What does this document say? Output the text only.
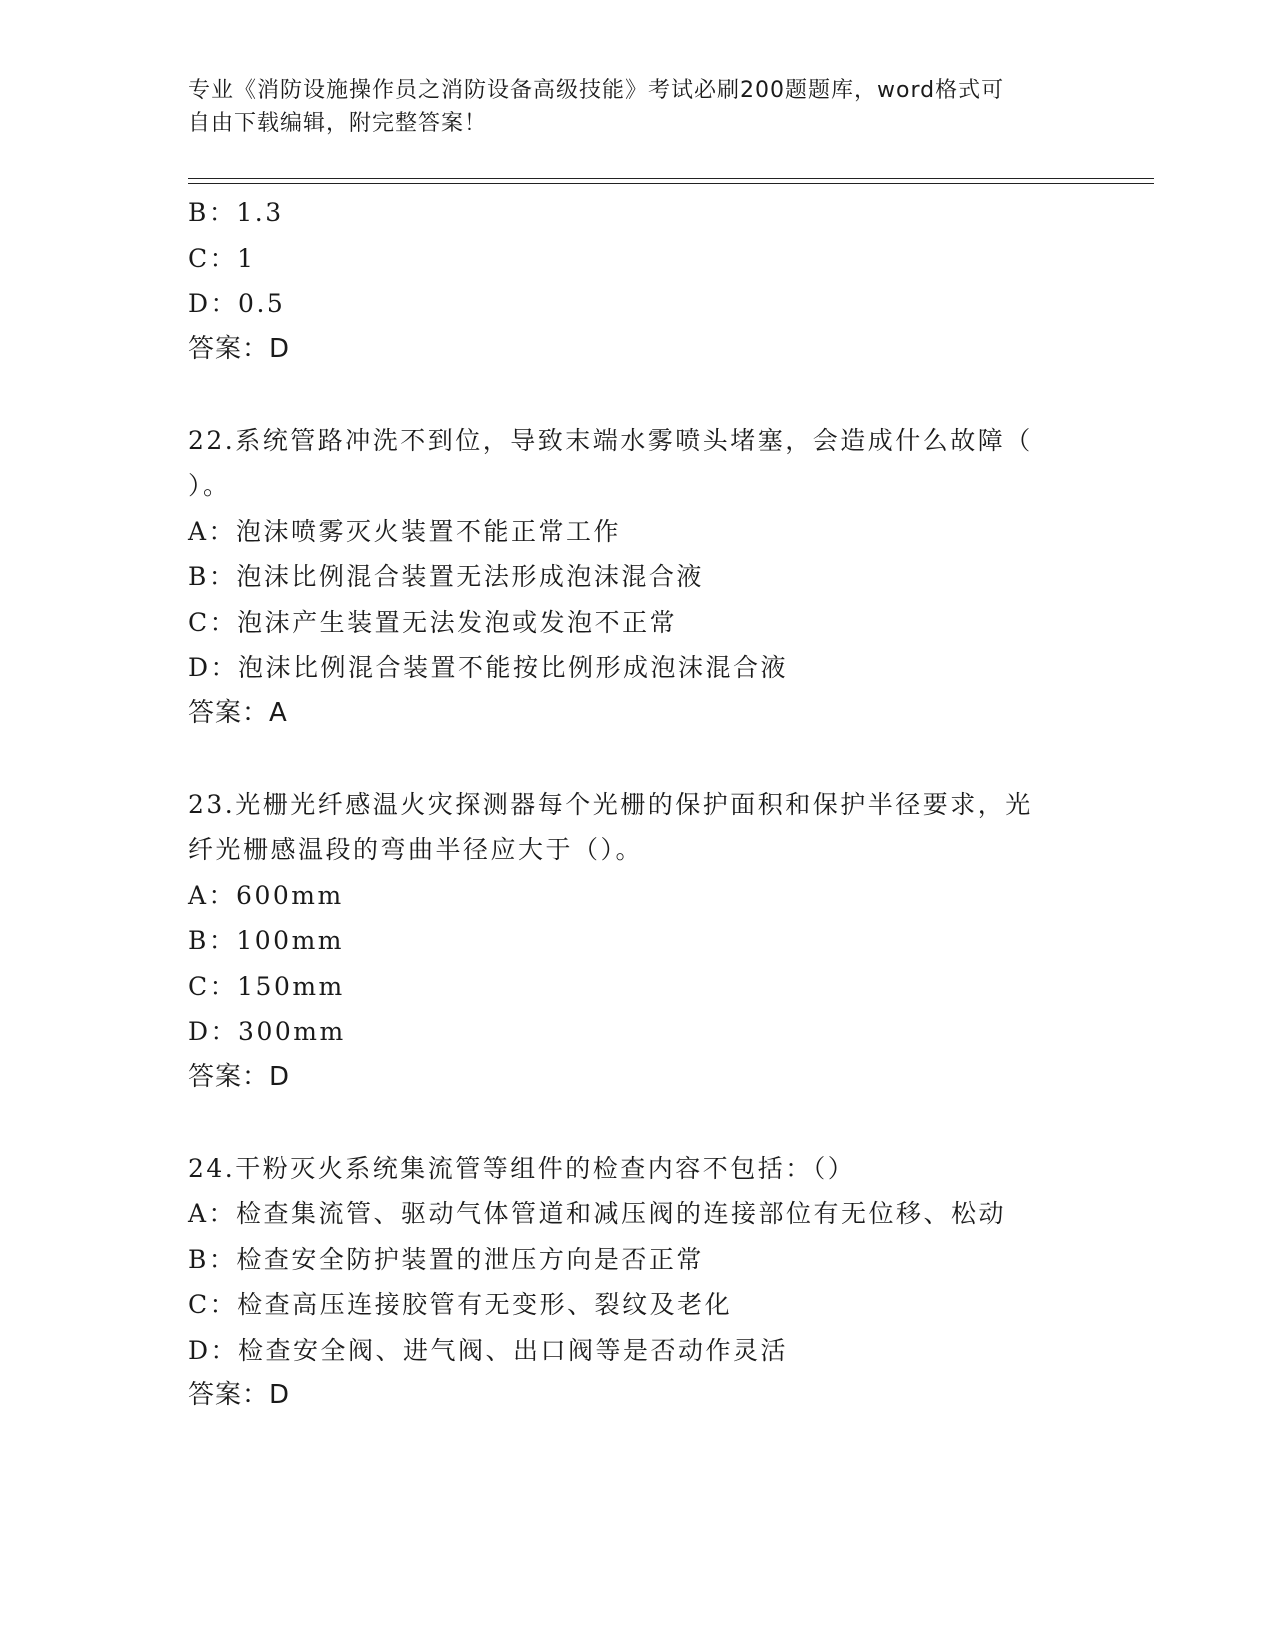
专业《消防设施操作员之消防设备高级技能》考试必刷200题题库，word格式可
自由下载编辑，附完整答案！
B：1.3
C：1
D：0.5
答案：D
22.系统管路冲洗不到位，导致末端水雾喷头堵塞，会造成什么故障（
）。
A：泡沫喷雾灭火装置不能正常工作
B：泡沫比例混合装置无法形成泡沫混合液
C：泡沫产生装置无法发泡或发泡不正常
D：泡沫比例混合装置不能按比例形成泡沫混合液
答案：A
23.光栅光纤感温火灾探测器每个光栅的保护面积和保护半径要求，光
纤光栅感温段的弯曲半径应大于（）。
A：600mm
B：100mm
C：150mm
D：300mm
答案：D
24.干粉灭火系统集流管等组件的检查内容不包括：（）
A：检查集流管、驱动气体管道和减压阀的连接部位有无位移、松动
B：检查安全防护装置的泄压方向是否正常
C：检查高压连接胶管有无变形、裂纹及老化
D：检查安全阀、进气阀、出口阀等是否动作灵活
答案：D
